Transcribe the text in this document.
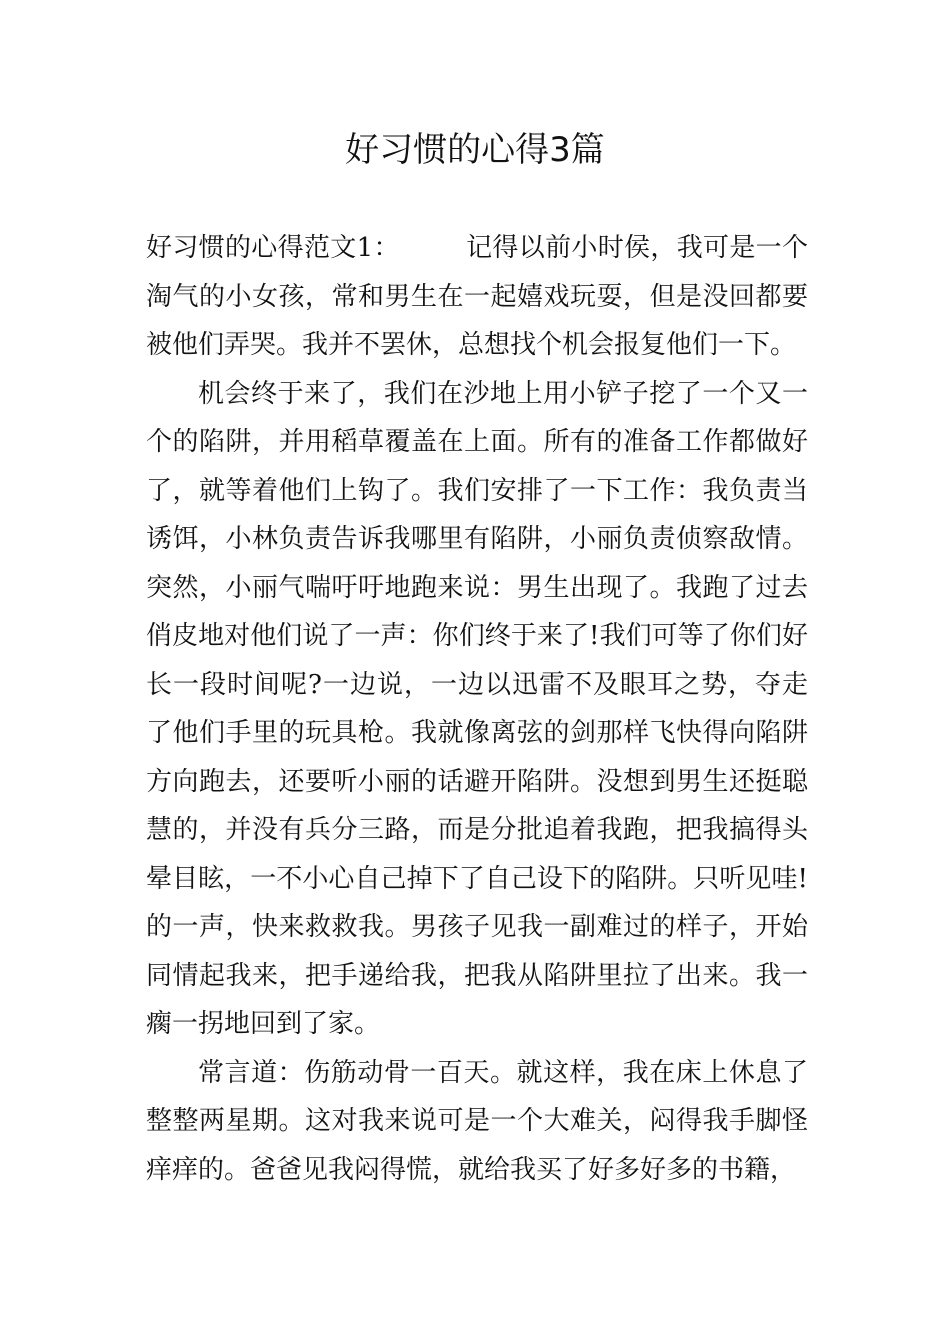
好习惯的心得3篇

好习惯的心得范文1：	记得以前小时侯，我可是一个淘气的小女孩，常和男生在一起嬉戏玩耍，但是没回都要被他们弄哭。我并不罢休，总想找个机会报复他们一下。

机会终于来了，我们在沙地上用小铲子挖了一个又一个的陷阱，并用稻草覆盖在上面。所有的准备工作都做好了，就等着他们上钩了。我们安排了一下工作：我负责当诱饵，小林负责告诉我哪里有陷阱，小丽负责侦察敌情。突然，小丽气喘吁吁地跑来说：男生出现了。我跑了过去俏皮地对他们说了一声：你们终于来了!我们可等了你们好长一段时间呢?一边说，一边以迅雷不及眼耳之势，夺走了他们手里的玩具枪。我就像离弦的剑那样飞快得向陷阱方向跑去，还要听小丽的话避开陷阱。没想到男生还挺聪慧的，并没有兵分三路，而是分批追着我跑，把我搞得头晕目眩，一不小心自己掉下了自己设下的陷阱。只听见哇!的一声，快来救救我。男孩子见我一副难过的样子，开始同情起我来，把手递给我，把我从陷阱里拉了出来。我一瘸一拐地回到了家。

常言道：伤筋动骨一百天。就这样，我在床上休息了整整两星期。这对我来说可是一个大难关，闷得我手脚怪痒痒的。爸爸见我闷得慌，就给我买了好多好多的书籍，
